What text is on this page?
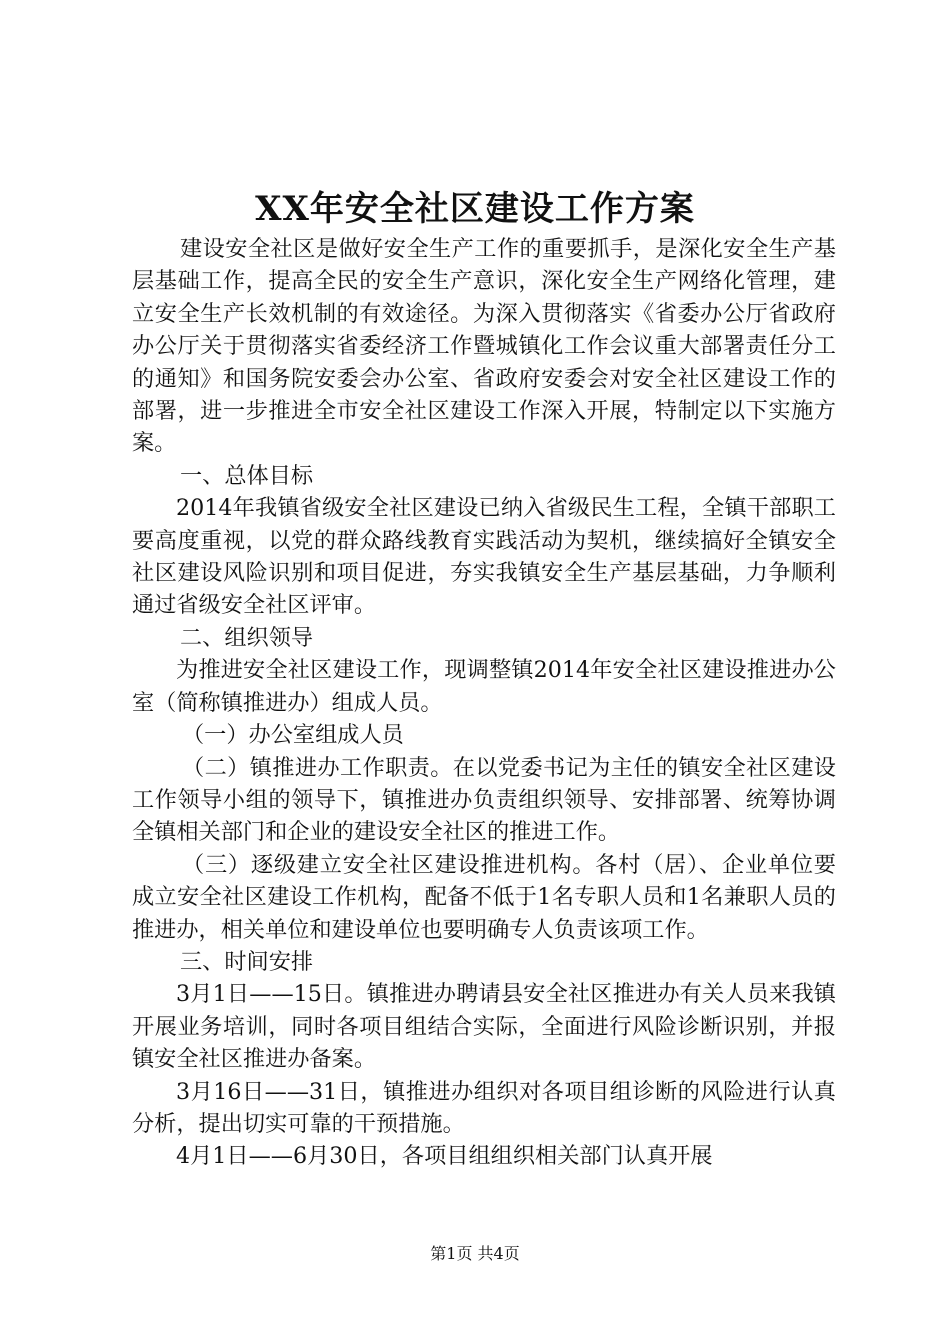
XX年安全社区建设工作方案

建设安全社区是做好安全生产工作的重要抓手，是深化安全生产基层基础工作，提高全民的安全生产意识，深化安全生产网络化管理，建立安全生产长效机制的有效途径。为深入贯彻落实《省委办公厅省政府办公厅关于贯彻落实省委经济工作暨城镇化工作会议重大部署责任分工的通知》和国务院安委会办公室、省政府安委会对安全社区建设工作的部署，进一步推进全市安全社区建设工作深入开展，特制定以下实施方案。

一、总体目标

2014年我镇省级安全社区建设已纳入省级民生工程，全镇干部职工要高度重视，以党的群众路线教育实践活动为契机，继续搞好全镇安全社区建设风险识别和项目促进，夯实我镇安全生产基层基础，力争顺利通过省级安全社区评审。

二、组织领导

为推进安全社区建设工作，现调整镇2014年安全社区建设推进办公室（简称镇推进办）组成人员。

（一）办公室组成人员

（二）镇推进办工作职责。在以党委书记为主任的镇安全社区建设工作领导小组的领导下，镇推进办负责组织领导、安排部署、统筹协调全镇相关部门和企业的建设安全社区的推进工作。

（三）逐级建立安全社区建设推进机构。各村（居）、企业单位要成立安全社区建设工作机构，配备不低于1名专职人员和1名兼职人员的推进办，相关单位和建设单位也要明确专人负责该项工作。

三、时间安排

3月1日——15日。镇推进办聘请县安全社区推进办有关人员来我镇开展业务培训，同时各项目组结合实际，全面进行风险诊断识别，并报镇安全社区推进办备案。

3月16日——31日，镇推进办组织对各项目组诊断的风险进行认真分析，提出切实可靠的干预措施。

4月1日——6月30日，各项目组组织相关部门认真开展

第1页 共4页
